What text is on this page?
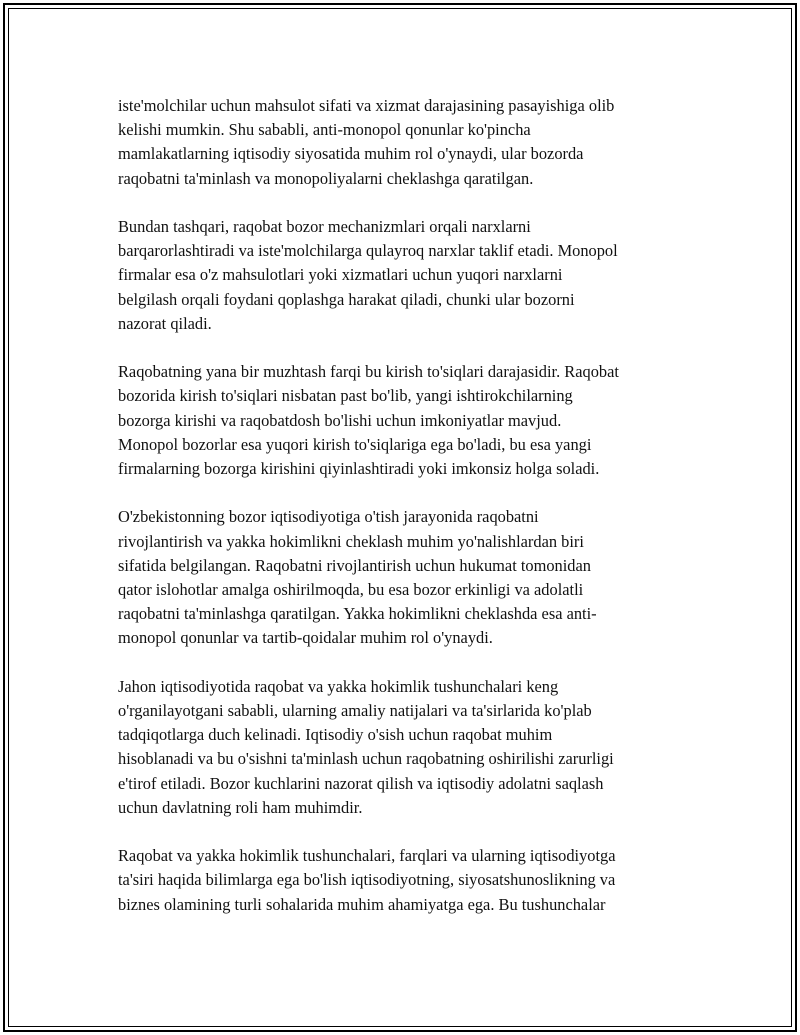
iste'molchilar uchun mahsulot sifati va xizmat darajasining pasayishiga olib
kelishi mumkin. Shu sababli, anti-monopol qonunlar ko'pincha
mamlakatlarning iqtisodiy siyosatida muhim rol o'ynaydi, ular bozorda
raqobatni ta'minlash va monopoliyalarni cheklashga qaratilgan.

Bundan tashqari, raqobat bozor mechanizmlari orqali narxlarni
barqarorlashtiradi va iste'molchilarga qulayroq narxlar taklif etadi. Monopol
firmalar esa o'z mahsulotlari yoki xizmatlari uchun yuqori narxlarni
belgilash orqali foydani qoplashga harakat qiladi, chunki ular bozorni
nazorat qiladi.

Raqobatning yana bir muzhtash farqi bu kirish to'siqlari darajasidir. Raqobat
bozorida kirish to'siqlari nisbatan past bo'lib, yangi ishtirokchilarning
bozorga kirishi va raqobatdosh bo'lishi uchun imkoniyatlar mavjud.
Monopol bozorlar esa yuqori kirish to'siqlariga ega bo'ladi, bu esa yangi
firmalarning bozorga kirishini qiyinlashtiradi yoki imkonsiz holga soladi.

O'zbekistonning bozor iqtisodiyotiga o'tish jarayonida raqobatni
rivojlantirish va yakka hokimlikni cheklash muhim yo'nalishlardan biri
sifatida belgilangan. Raqobatni rivojlantirish uchun hukumat tomonidan
qator islohotlar amalga oshirilmoqda, bu esa bozor erkinligi va adolatli
raqobatni ta'minlashga qaratilgan. Yakka hokimlikni cheklashda esa anti-
monopol qonunlar va tartib-qoidalar muhim rol o'ynaydi.

Jahon iqtisodiyotida raqobat va yakka hokimlik tushunchalari keng
o'rganilayotgani sababli, ularning amaliy natijalari va ta'sirlarida ko'plab
tadqiqotlarga duch kelinadi. Iqtisodiy o'sish uchun raqobat muhim
hisoblanadi va bu o'sishni ta'minlash uchun raqobatning oshirilishi zarurligi
e'tirof etiladi. Bozor kuchlarini nazorat qilish va iqtisodiy adolatni saqlash
uchun davlatning roli ham muhimdir.

Raqobat va yakka hokimlik tushunchalari, farqlari va ularning iqtisodiyotga
ta'siri haqida bilimlarga ega bo'lish iqtisodiyotning, siyosatshunoslikning va
biznes olamining turli sohalarida muhim ahamiyatga ega. Bu tushunchalar
